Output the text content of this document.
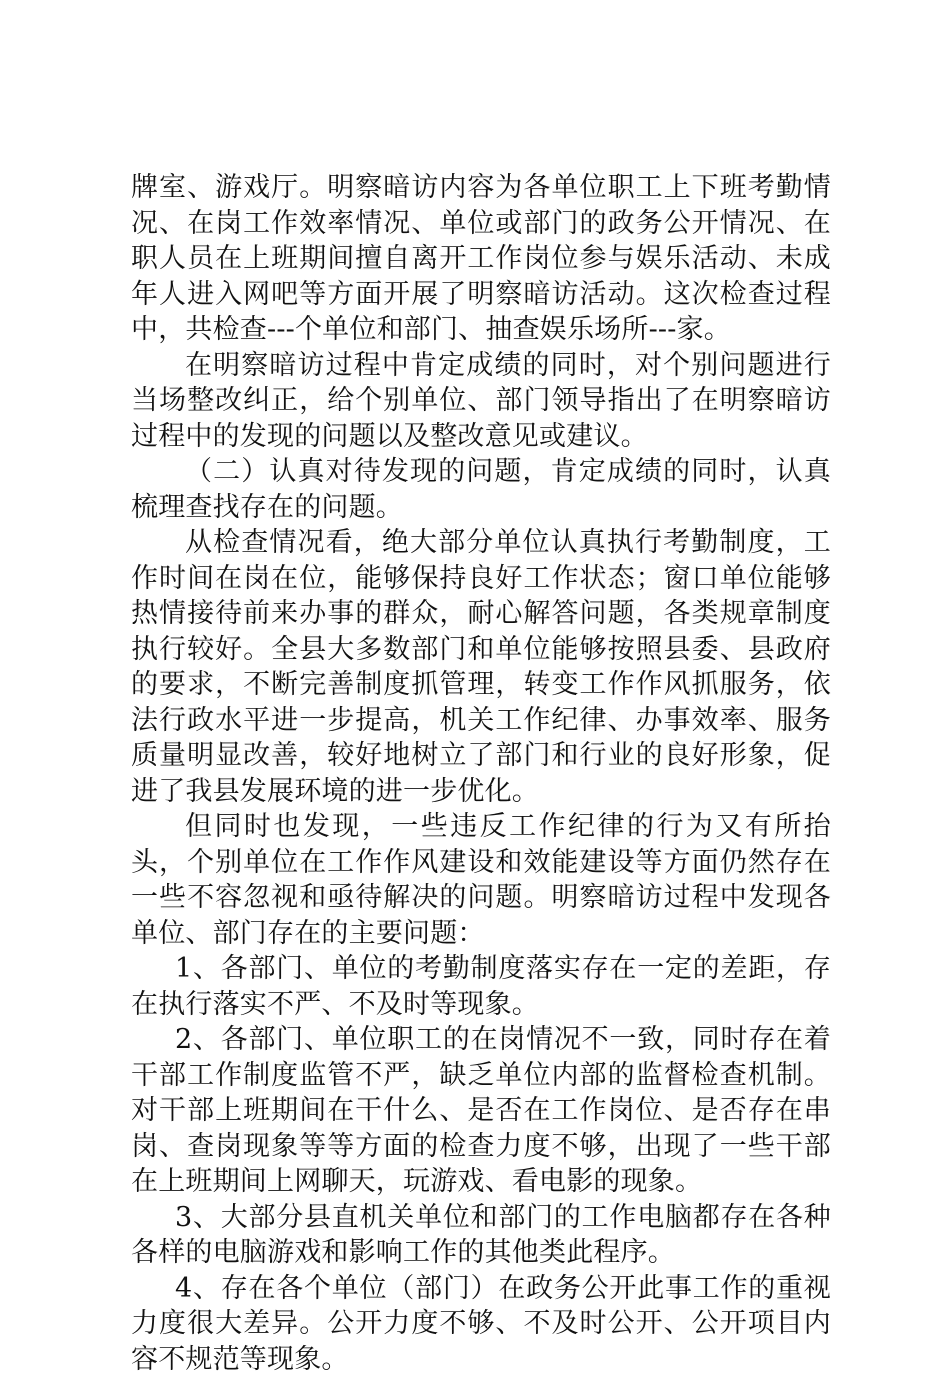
牌室、游戏厅。明察暗访内容为各单位职工上下班考勤情况、在岗工作效率情况、单位或部门的政务公开情况、在职人员在上班期间擅自离开工作岗位参与娱乐活动、未成年人进入网吧等方面开展了明察暗访活动。这次检查过程中，共检查---个单位和部门、抽查娱乐场所---家。

在明察暗访过程中肯定成绩的同时，对个别问题进行当场整改纠正，给个别单位、部门领导指出了在明察暗访过程中的发现的问题以及整改意见或建议。

（二）认真对待发现的问题，肯定成绩的同时，认真梳理查找存在的问题。

从检查情况看，绝大部分单位认真执行考勤制度，工作时间在岗在位，能够保持良好工作状态；窗口单位能够热情接待前来办事的群众，耐心解答问题，各类规章制度执行较好。全县大多数部门和单位能够按照县委、县政府的要求，不断完善制度抓管理，转变工作作风抓服务，依法行政水平进一步提高，机关工作纪律、办事效率、服务质量明显改善，较好地树立了部门和行业的良好形象，促进了我县发展环境的进一步优化。

但同时也发现，一些违反工作纪律的行为又有所抬头，个别单位在工作作风建设和效能建设等方面仍然存在一些不容忽视和亟待解决的问题。明察暗访过程中发现各单位、部门存在的主要问题：

1、各部门、单位的考勤制度落实存在一定的差距，存在执行落实不严、不及时等现象。

2、各部门、单位职工的在岗情况不一致，同时存在着干部工作制度监管不严，缺乏单位内部的监督检查机制。对干部上班期间在干什么、是否在工作岗位、是否存在串岗、查岗现象等等方面的检查力度不够，出现了一些干部在上班期间上网聊天，玩游戏、看电影的现象。

3、大部分县直机关单位和部门的工作电脑都存在各种各样的电脑游戏和影响工作的其他类此程序。

4、存在各个单位（部门）在政务公开此事工作的重视力度很大差异。公开力度不够、不及时公开、公开项目内容不规范等现象。
